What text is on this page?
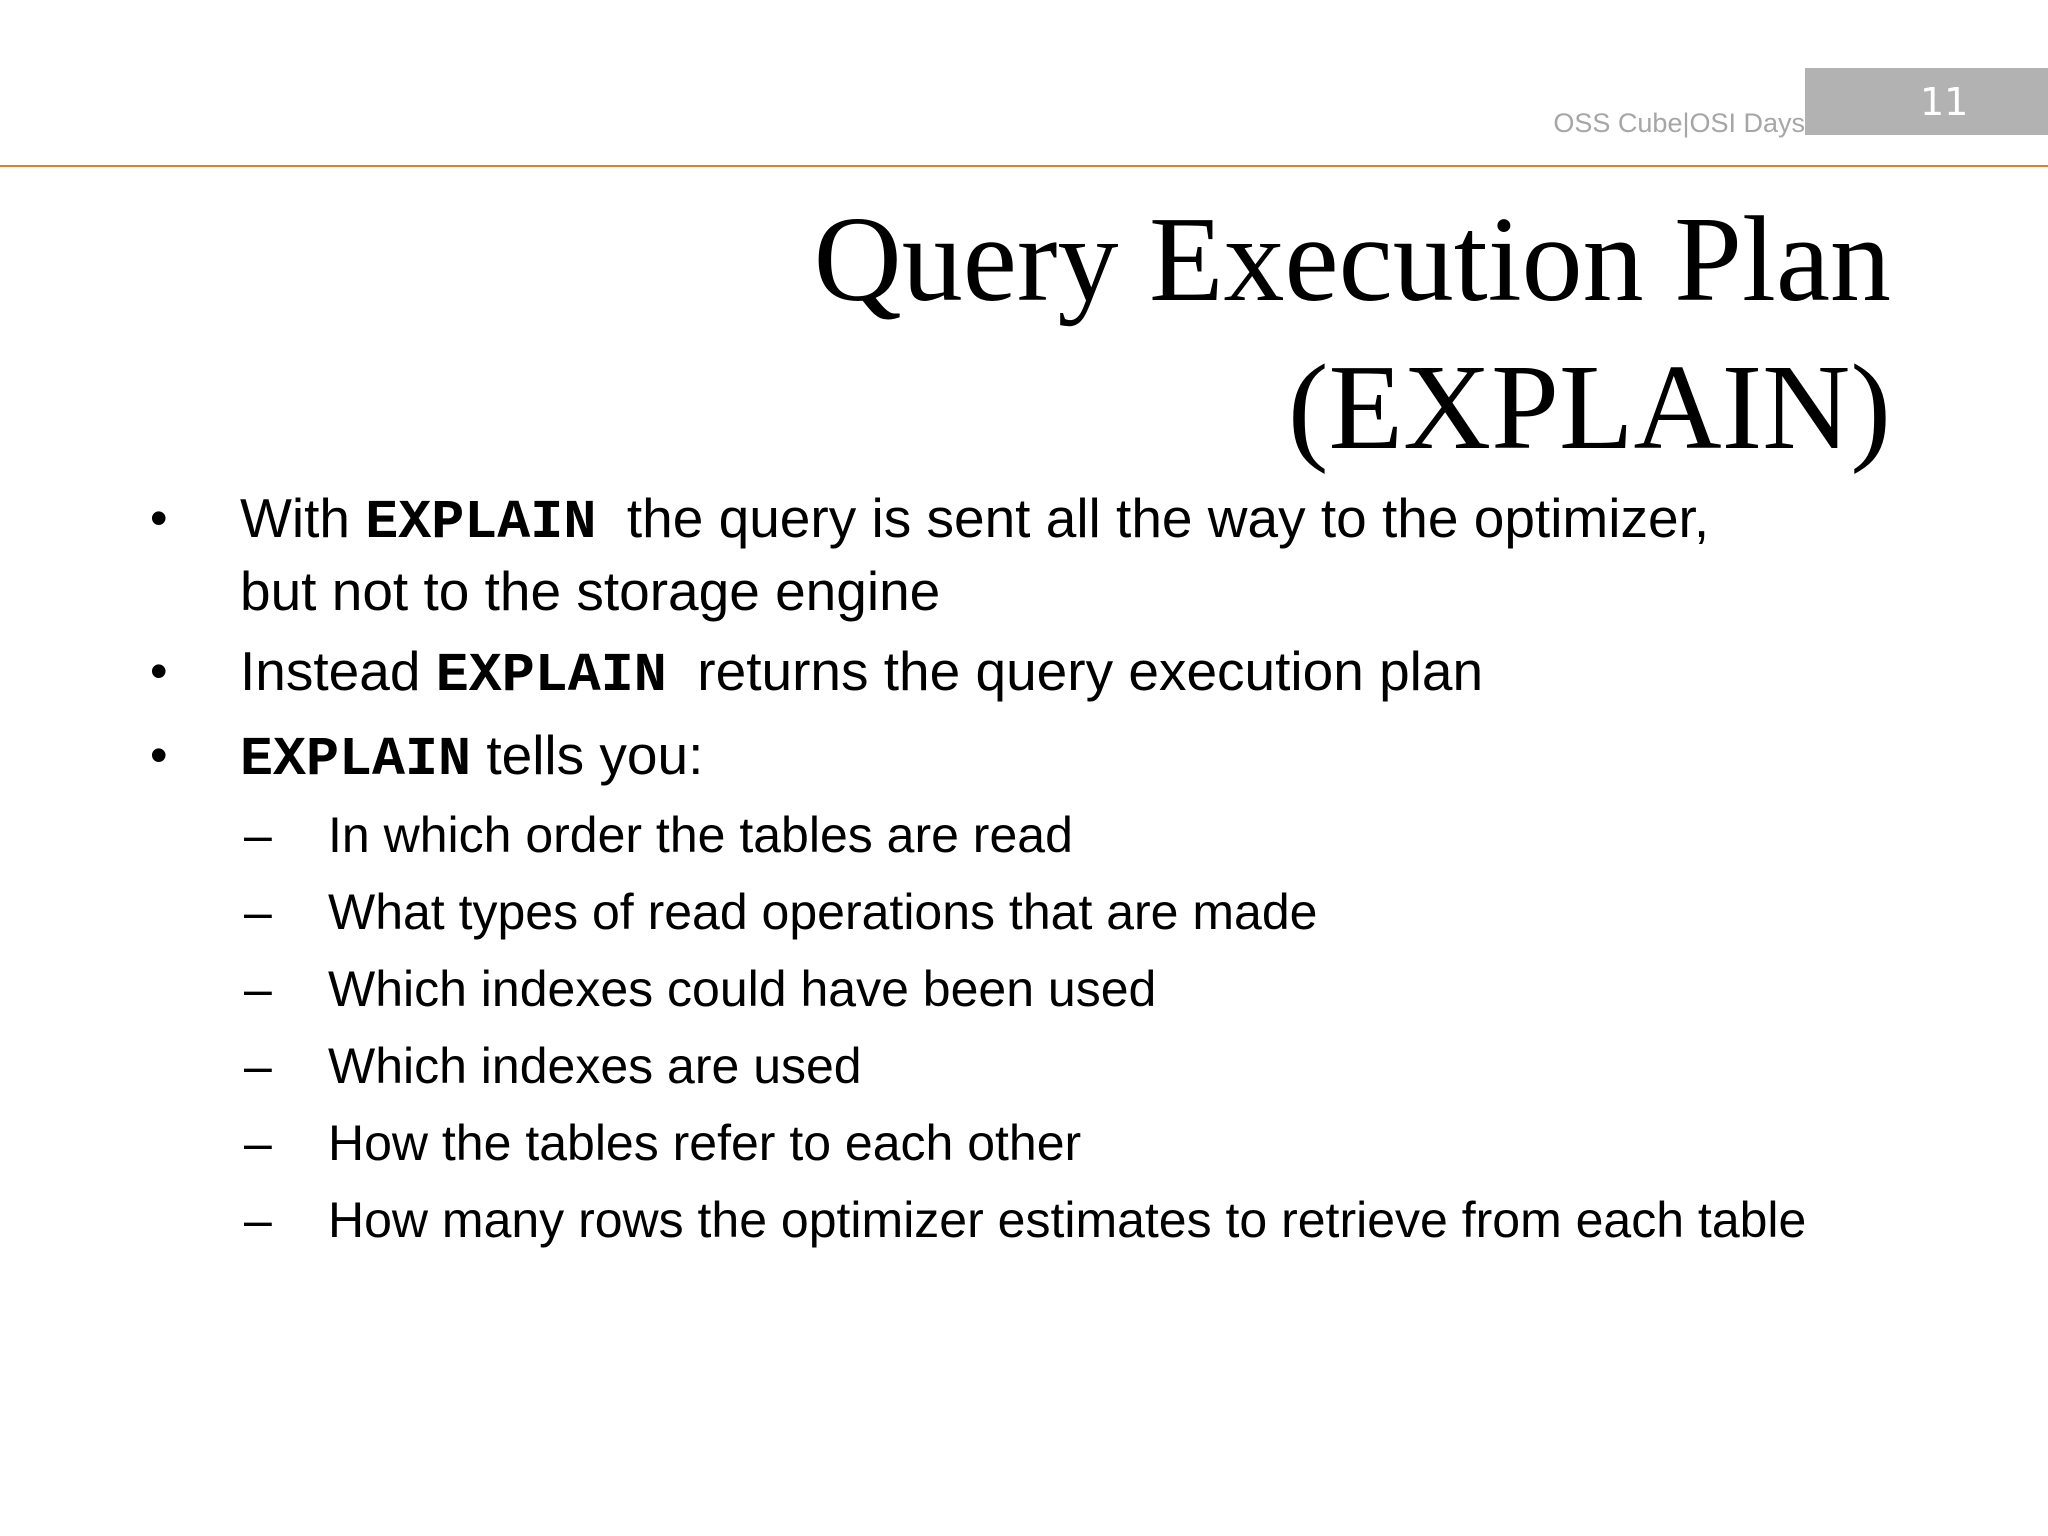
OSS Cube|OSI Days	11
Query Execution Plan
(EXPLAIN)
• With EXPLAIN  the query is sent all the way to the optimizer,
but not to the storage engine
• Instead EXPLAIN  returns the query execution plan
• EXPLAIN tells you:
– In which order the tables are read
– What types of read operations that are made
– Which indexes could have been used
– Which indexes are used
– How the tables refer to each other
– How many rows the optimizer estimates to retrieve from each table
